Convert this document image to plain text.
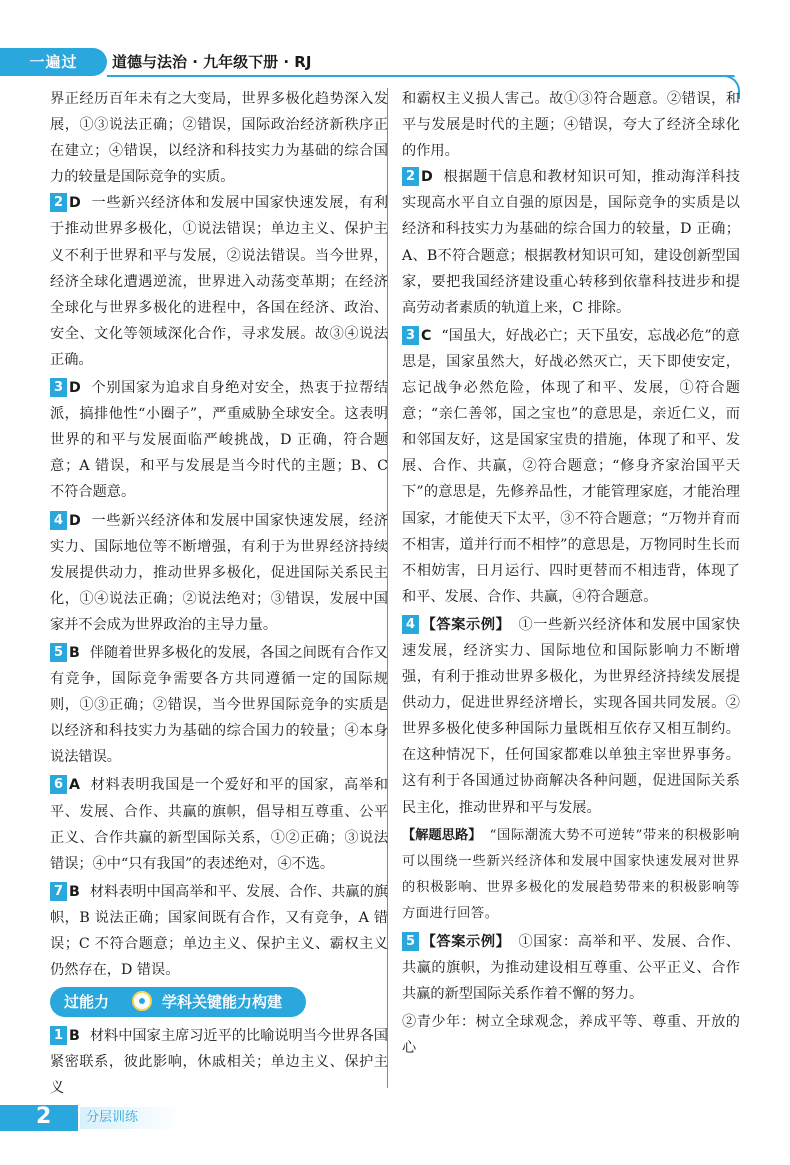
一遍过	道德与法治 · 九年级下册 · RJ

界正经历百年未有之大变局，世界多极化趋势深入发展，①③说法正确；②错误，国际政治经济新秩序正在建立；④错误，以经济和科技实力为基础的综合国力的较量是国际竞争的实质。

2 D 一些新兴经济体和发展中国家快速发展，有利于推动世界多极化，①说法错误；单边主义、保护主义不利于世界和平与发展，②说法错误。当今世界，经济全球化遭遇逆流，世界进入动荡变革期；在经济全球化与世界多极化的进程中，各国在经济、政治、安全、文化等领域深化合作，寻求发展。故③④说法正确。

3 D 个别国家为追求自身绝对安全，热衷于拉帮结派，搞排他性“小圈子”，严重威胁全球安全。这表明世界的和平与发展面临严峻挑战，D 正确，符合题意；A 错误，和平与发展是当今时代的主题；B、C 不符合题意。

4 D 一些新兴经济体和发展中国家快速发展，经济实力、国际地位等不断增强，有利于为世界经济持续发展提供动力，推动世界多极化，促进国际关系民主化，①④说法正确；②说法绝对；③错误，发展中国家并不会成为世界政治的主导力量。

5 B 伴随着世界多极化的发展，各国之间既有合作又有竞争，国际竞争需要各方共同遵循一定的国际规则，①③正确；②错误，当今世界国际竞争的实质是以经济和科技实力为基础的综合国力的较量；④本身说法错误。

6 A 材料表明我国是一个爱好和平的国家，高举和平、发展、合作、共赢的旗帜，倡导相互尊重、公平正义、合作共赢的新型国际关系，①②正确；③说法错误；④中“只有我国”的表述绝对，④不选。

7 B 材料表明中国高举和平、发展、合作、共赢的旗帜，B 说法正确；国家间既有合作，又有竞争，A 错误；C 不符合题意；单边主义、保护主义、霸权主义仍然存在，D 错误。

过能力	学科关键能力构建

1 B 材料中国家主席习近平的比喻说明当今世界各国紧密联系，彼此影响，休戚相关；单边主义、保护主义

和霸权主义损人害己。故①③符合题意。②错误，和平与发展是时代的主题；④错误，夸大了经济全球化的作用。

2 D 根据题干信息和教材知识可知，推动海洋科技实现高水平自立自强的原因是，国际竞争的实质是以经济和科技实力为基础的综合国力的较量，D 正确；A、B不符合题意；根据教材知识可知，建设创新型国家，要把我国经济建设重心转移到依靠科技进步和提高劳动者素质的轨道上来，C 排除。

3 C “国虽大，好战必亡；天下虽安，忘战必危”的意思是，国家虽然大，好战必然灭亡，天下即使安定，忘记战争必然危险，体现了和平、发展，①符合题意；“亲仁善邻，国之宝也”的意思是，亲近仁义，而和邻国友好，这是国家宝贵的措施，体现了和平、发展、合作、共赢，②符合题意；“修身齐家治国平天下”的意思是，先修养品性，才能管理家庭，才能治理国家，才能使天下太平，③不符合题意；“万物并育而不相害，道并行而不相悖”的意思是，万物同时生长而不相妨害，日月运行、四时更替而不相违背，体现了和平、发展、合作、共赢，④符合题意。

4 【答案示例】 ①一些新兴经济体和发展中国家快速发展，经济实力、国际地位和国际影响力不断增强，有利于推动世界多极化，为世界经济持续发展提供动力，促进世界经济增长，实现各国共同发展。②世界多极化使多种国际力量既相互依存又相互制约。在这种情况下，任何国家都难以单独主宰世界事务。这有利于各国通过协商解决各种问题，促进国际关系民主化，推动世界和平与发展。

【解题思路】 “国际潮流大势不可逆转”带来的积极影响可以围绕一些新兴经济体和发展中国家快速发展对世界的积极影响、世界多极化的发展趋势带来的积极影响等方面进行回答。

5 【答案示例】 ①国家：高举和平、发展、合作、共赢的旗帜，为推动建设相互尊重、公平正义、合作共赢的新型国际关系作着不懈的努力。

②青少年：树立全球观念，养成平等、尊重、开放的心

2	分层训练
